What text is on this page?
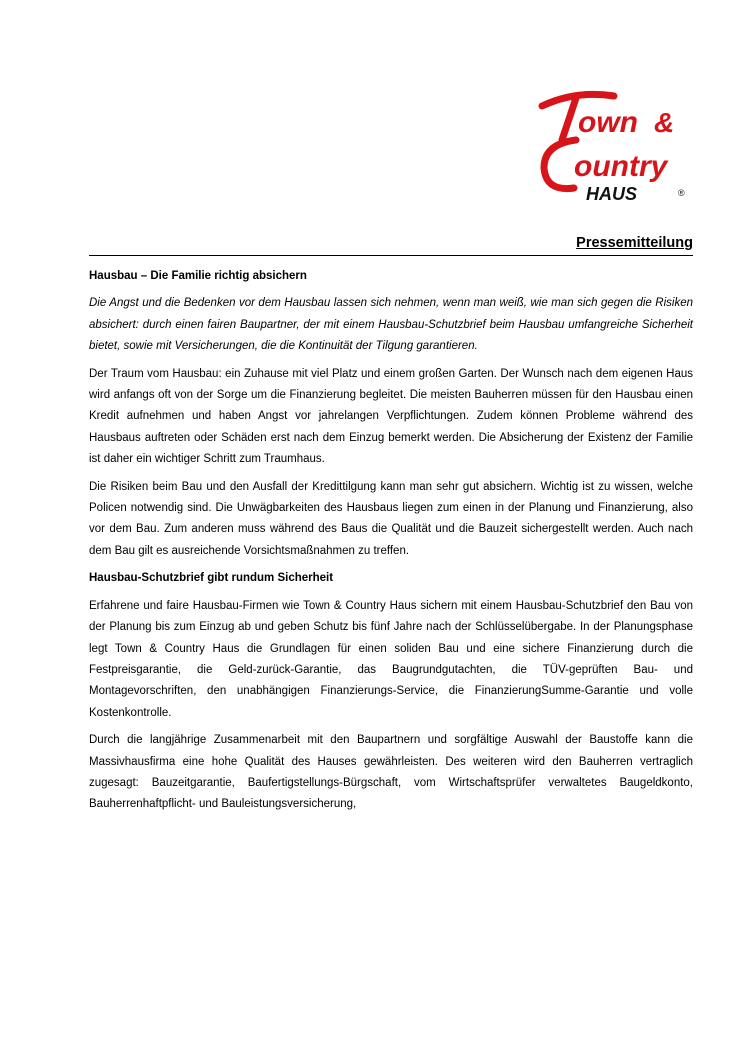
own &
ountry
HAUS	®
Pressemitteilung
Hausbau – Die Familie richtig absichern

Die Angst und die Bedenken vor dem Hausbau lassen sich nehmen, wenn man weiß, wie man sich gegen die Risiken absichert: durch einen fairen Baupartner, der mit einem Hausbau-Schutzbrief beim Hausbau umfangreiche Sicherheit bietet, sowie mit Versicherungen, die die Kontinuität der Tilgung garantieren.

Der Traum vom Hausbau: ein Zuhause mit viel Platz und einem großen Garten. Der Wunsch nach dem eigenen Haus wird anfangs oft von der Sorge um die Finanzierung begleitet. Die meisten Bauherren müssen für den Hausbau einen Kredit aufnehmen und haben Angst vor jahrelangen Verpflichtungen. Zudem können Probleme während des Hausbaus auftreten oder Schäden erst nach dem Einzug bemerkt werden. Die Absicherung der Existenz der Familie ist daher ein wichtiger Schritt zum Traumhaus.

Die Risiken beim Bau und den Ausfall der Kredittilgung kann man sehr gut absichern. Wichtig ist zu wissen, welche Policen notwendig sind. Die Unwägbarkeiten des Hausbaus liegen zum einen in der Planung und Finanzierung, also vor dem Bau. Zum anderen muss während des Baus die Qualität und die Bauzeit sichergestellt werden. Auch nach dem Bau gilt es ausreichende Vorsichtsmaßnahmen zu treffen.

Hausbau-Schutzbrief gibt rundum Sicherheit

Erfahrene und faire Hausbau-Firmen wie Town & Country Haus sichern mit einem Hausbau-Schutzbrief den Bau von der Planung bis zum Einzug ab und geben Schutz bis fünf Jahre nach der Schlüsselübergabe. In der Planungsphase legt Town & Country Haus die Grundlagen für einen soliden Bau und eine sichere Finanzierung durch die Festpreisgarantie, die Geld-zurück-Garantie, das Baugrundgutachten, die TÜV-geprüften Bau- und Montagevorschriften, den unabhängigen Finanzierungs-Service, die FinanzierungSumme-Garantie und volle Kostenkontrolle.

Durch die langjährige Zusammenarbeit mit den Baupartnern und sorgfältige Auswahl der Baustoffe kann die Massivhausfirma eine hohe Qualität des Hauses gewährleisten. Des weiteren wird den Bauherren vertraglich zugesagt: Bauzeitgarantie, Baufertigstellungs-Bürgschaft, vom Wirtschaftsprüfer verwaltetes Baugeldkonto, Bauherrenhaftpflicht- und Bauleistungsversicherung,
